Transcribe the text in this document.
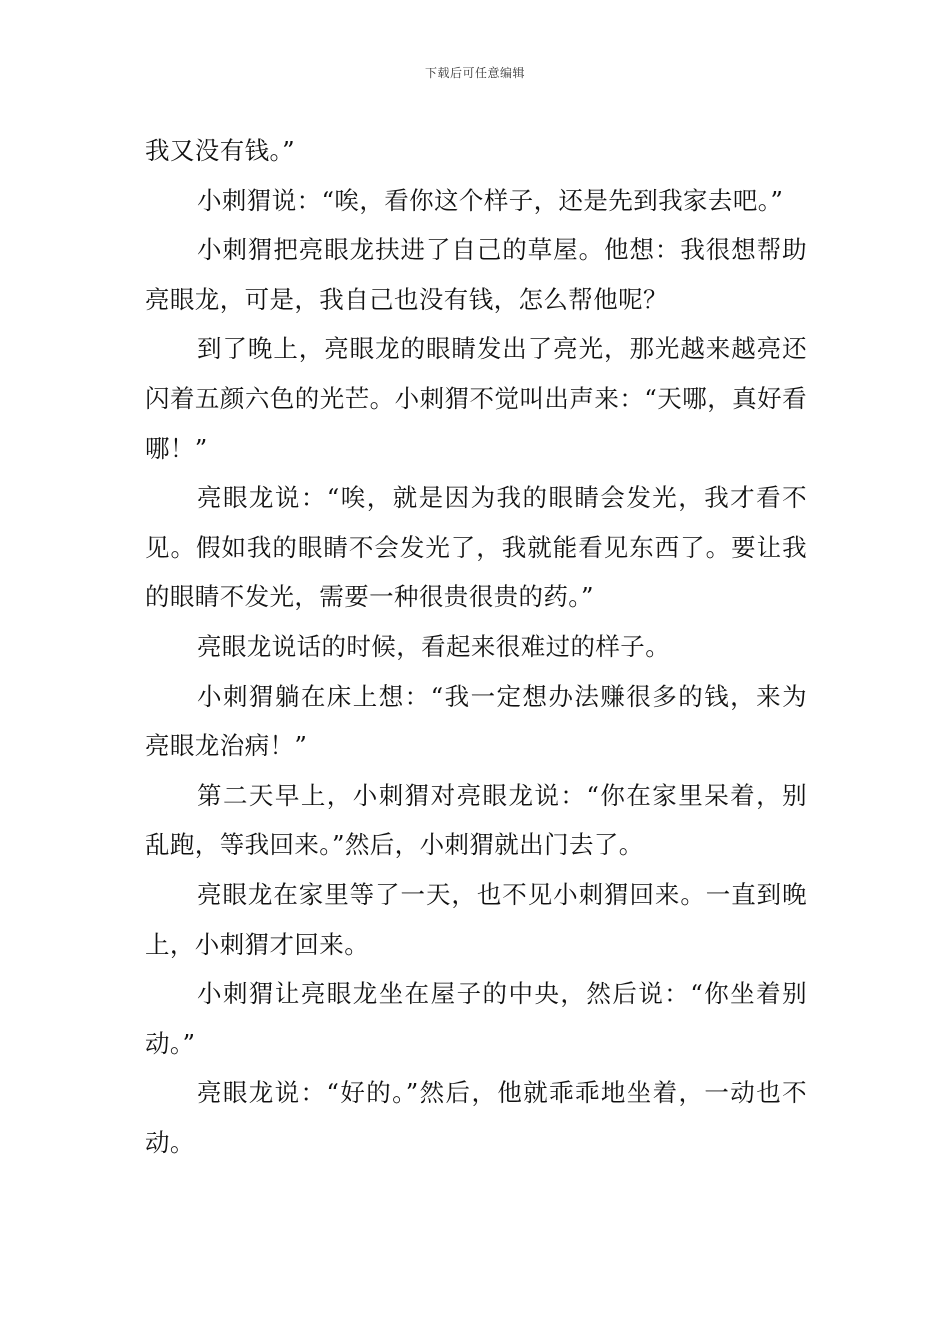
下载后可任意编辑

我又没有钱。”

小刺猬说：“唉，看你这个样子，还是先到我家去吧。”

小刺猬把亮眼龙扶进了自己的草屋。他想：我很想帮助亮眼龙，可是，我自己也没有钱，怎么帮他呢？

到了晚上，亮眼龙的眼睛发出了亮光，那光越来越亮还闪着五颜六色的光芒。小刺猬不觉叫出声来：“天哪，真好看哪！”

亮眼龙说：“唉，就是因为我的眼睛会发光，我才看不见。假如我的眼睛不会发光了，我就能看见东西了。要让我的眼睛不发光，需要一种很贵很贵的药。”

亮眼龙说话的时候，看起来很难过的样子。

小刺猬躺在床上想：“我一定想办法赚很多的钱，来为亮眼龙治病！”

第二天早上，小刺猬对亮眼龙说：“你在家里呆着，别乱跑，等我回来。”然后，小刺猬就出门去了。

亮眼龙在家里等了一天，也不见小刺猬回来。一直到晚上，小刺猬才回来。

小刺猬让亮眼龙坐在屋子的中央，然后说：“你坐着别动。”

亮眼龙说：“好的。”然后，他就乖乖地坐着，一动也不动。
